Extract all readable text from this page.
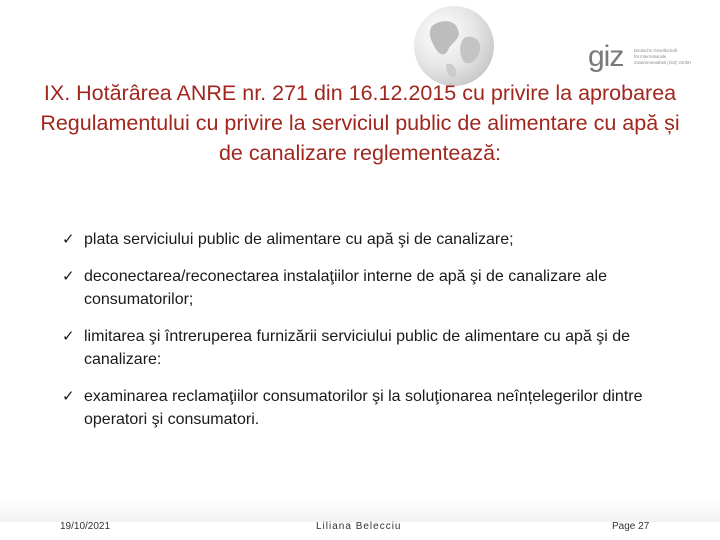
giz Deutsche Gesellschaft
für Internationale
Zusammenarbeit (GIZ) GmbH
IX. Hotărârea ANRE nr. 271 din 16.12.2015 cu privire la aprobarea Regulamentului cu privire la serviciul public de alimentare cu apă și de canalizare reglementează:
✓ plata serviciului public de alimentare cu apă şi de canalizare;
✓ deconectarea/reconectarea instalaţiilor interne de apă şi de canalizare ale consumatorilor;
✓ limitarea şi întreruperea furnizării serviciului public de alimentare cu apă şi de canalizare:
✓ examinarea reclamaţiilor consumatorilor şi la soluţionarea neînțelegerilor dintre operatori şi consumatori.
19/10/2021	Liliana Belecciu	Page 27
